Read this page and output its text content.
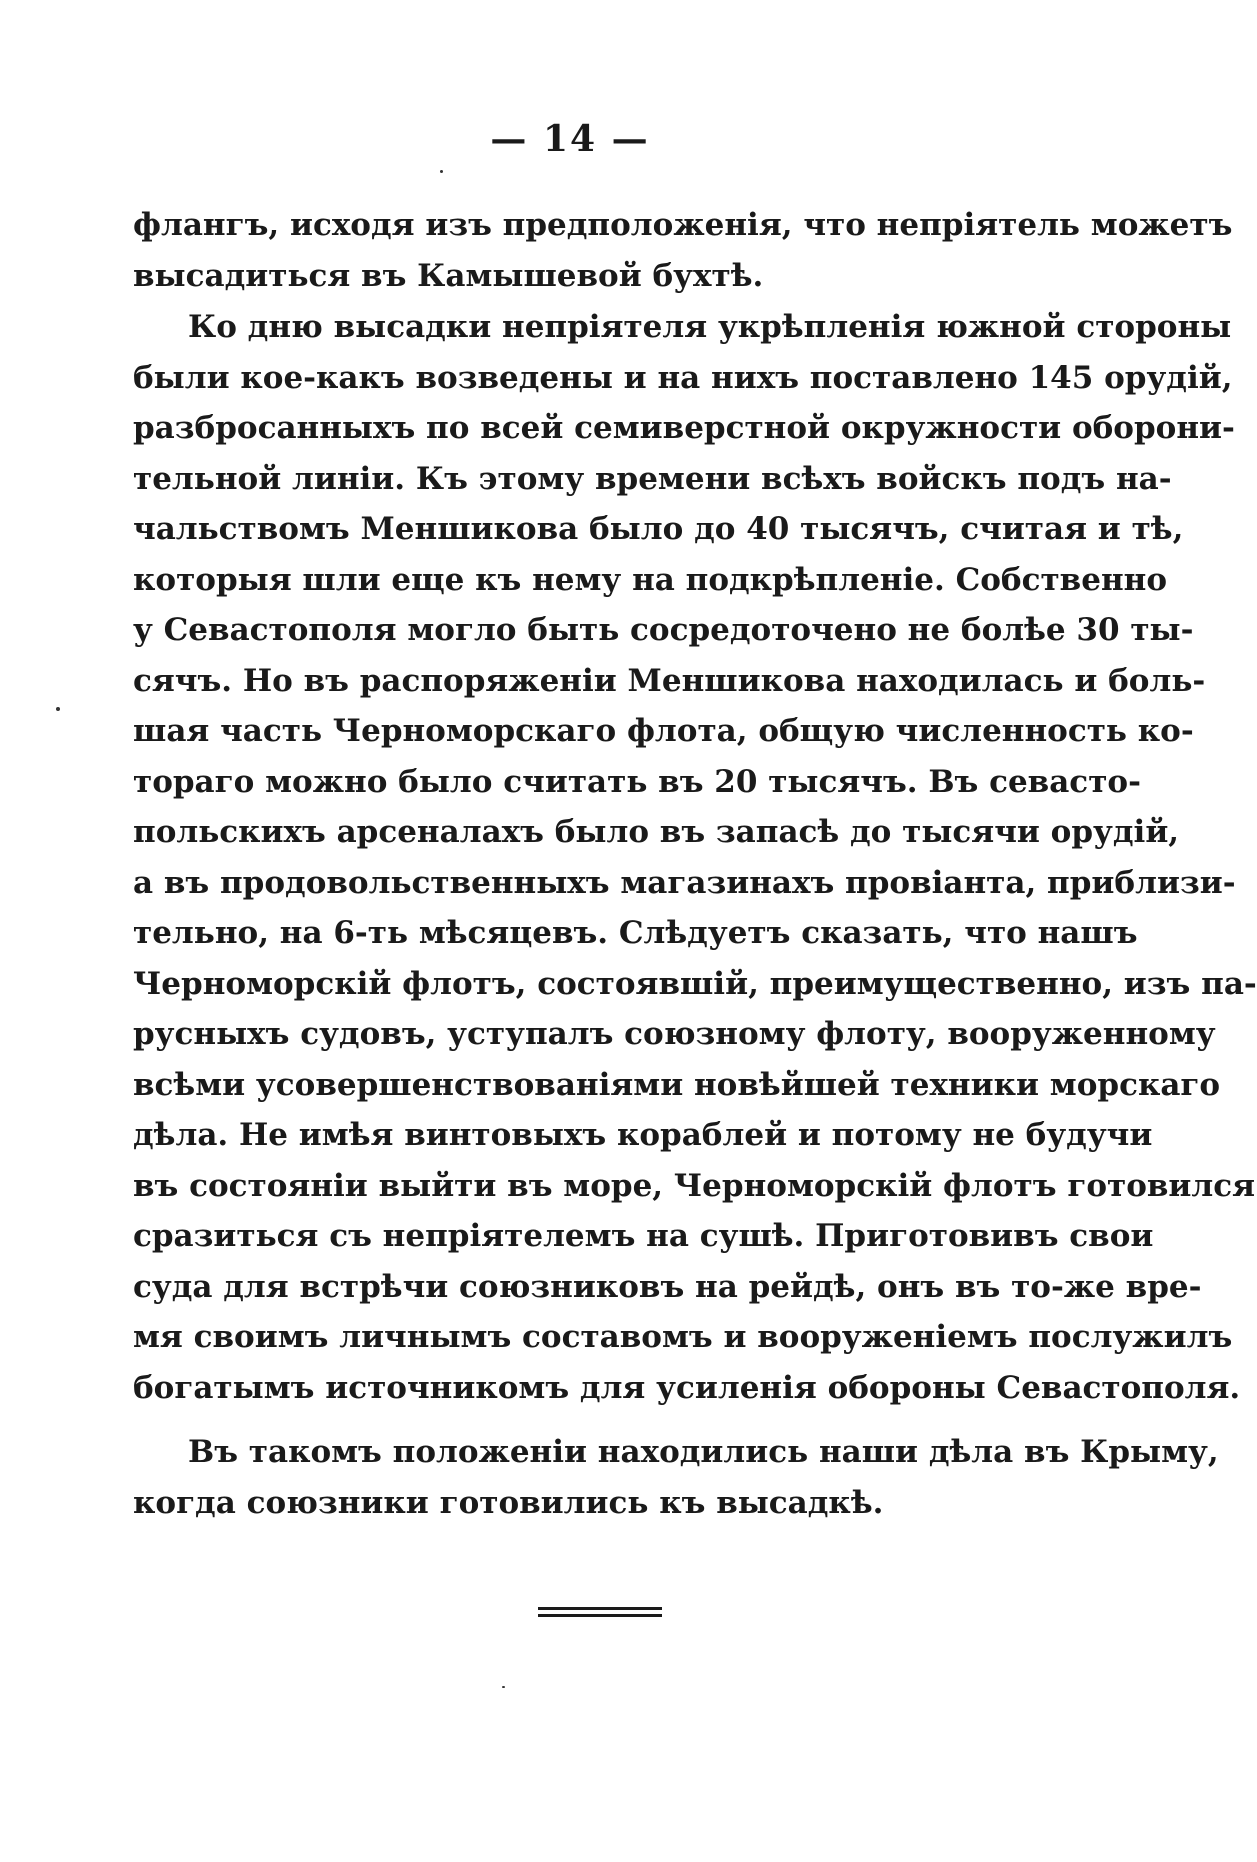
— 14 —
флангъ, исходя изъ предположенія, что непріятель можетъ
высадиться въ Камышевой бухтѣ.
Ко дню высадки непріятеля укрѣпленія южной стороны
были кое-какъ возведены и на нихъ поставлено 145 орудій,
разбросанныхъ по всей семиверстной окружности оборони-
тельной линіи. Къ этому времени всѣхъ войскъ подъ на-
чальствомъ Меншикова было до 40 тысячъ, считая и тѣ,
которыя шли еще къ нему на подкрѣпленіе. Собственно
у Севастополя могло быть сосредоточено не болѣе 30 ты-
сячъ. Но въ распоряженіи Меншикова находилась и боль-
шая часть Черноморскаго флота, общую численность ко-
тораго можно было считать въ 20 тысячъ. Въ севасто-
польскихъ арсеналахъ было въ запасѣ до тысячи орудій,
а въ продовольственныхъ магазинахъ провіанта, приблизи-
тельно, на 6-ть мѣсяцевъ. Слѣдуетъ сказать, что нашъ
Черноморскій флотъ, состоявшій, преимущественно, изъ па-
русныхъ судовъ, уступалъ союзному флоту, вооруженному
всѣми усовершенствованіями новѣйшей техники морскаго
дѣла. Не имѣя винтовыхъ кораблей и потому не будучи
въ состояніи выйти въ море, Черноморскій флотъ готовился
сразиться съ непріятелемъ на сушѣ. Приготовивъ свои
суда для встрѣчи союзниковъ на рейдѣ, онъ въ то-же вре-
мя своимъ личнымъ составомъ и вооруженіемъ послужилъ
богатымъ источникомъ для усиленія обороны Севастополя.
Въ такомъ положеніи находились наши дѣла въ Крыму,
когда союзники готовились къ высадкѣ.
